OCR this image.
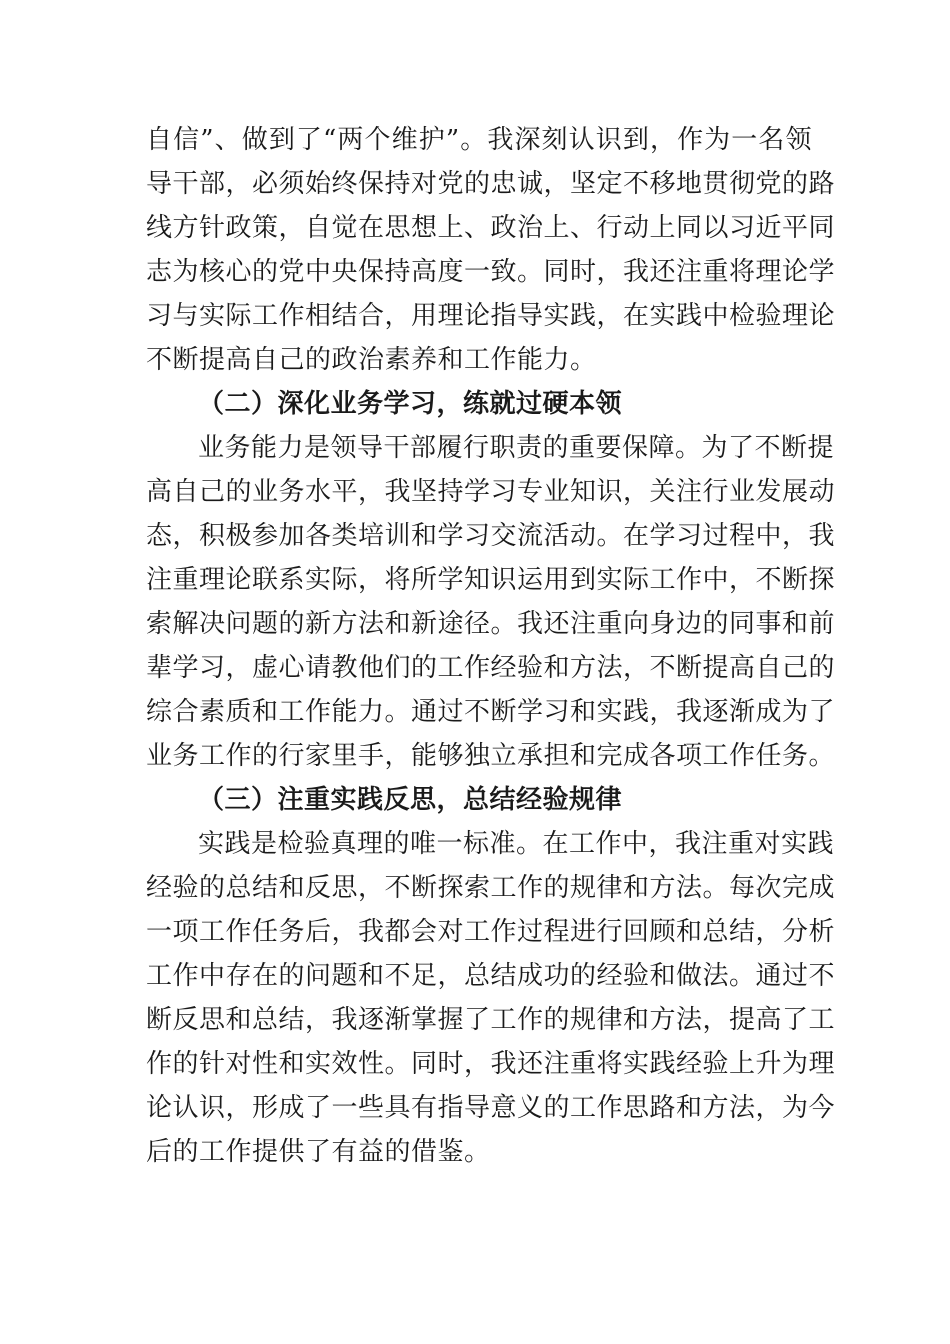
自信”、做到了“两个维护”。我深刻认识到，作为一名领
导干部，必须始终保持对党的忠诚，坚定不移地贯彻党的路
线方针政策，自觉在思想上、政治上、行动上同以习近平同
志为核心的党中央保持高度一致。同时，我还注重将理论学
习与实际工作相结合，用理论指导实践，在实践中检验理论
不断提高自己的政治素养和工作能力。
（二）深化业务学习，练就过硬本领
业务能力是领导干部履行职责的重要保障。为了不断提
高自己的业务水平，我坚持学习专业知识，关注行业发展动
态，积极参加各类培训和学习交流活动。在学习过程中，我
注重理论联系实际，将所学知识运用到实际工作中，不断探
索解决问题的新方法和新途径。我还注重向身边的同事和前
辈学习，虚心请教他们的工作经验和方法，不断提高自己的
综合素质和工作能力。通过不断学习和实践，我逐渐成为了
业务工作的行家里手，能够独立承担和完成各项工作任务。
（三）注重实践反思，总结经验规律
实践是检验真理的唯一标准。在工作中，我注重对实践
经验的总结和反思，不断探索工作的规律和方法。每次完成
一项工作任务后，我都会对工作过程进行回顾和总结，分析
工作中存在的问题和不足，总结成功的经验和做法。通过不
断反思和总结，我逐渐掌握了工作的规律和方法，提高了工
作的针对性和实效性。同时，我还注重将实践经验上升为理
论认识，形成了一些具有指导意义的工作思路和方法，为今
后的工作提供了有益的借鉴。
